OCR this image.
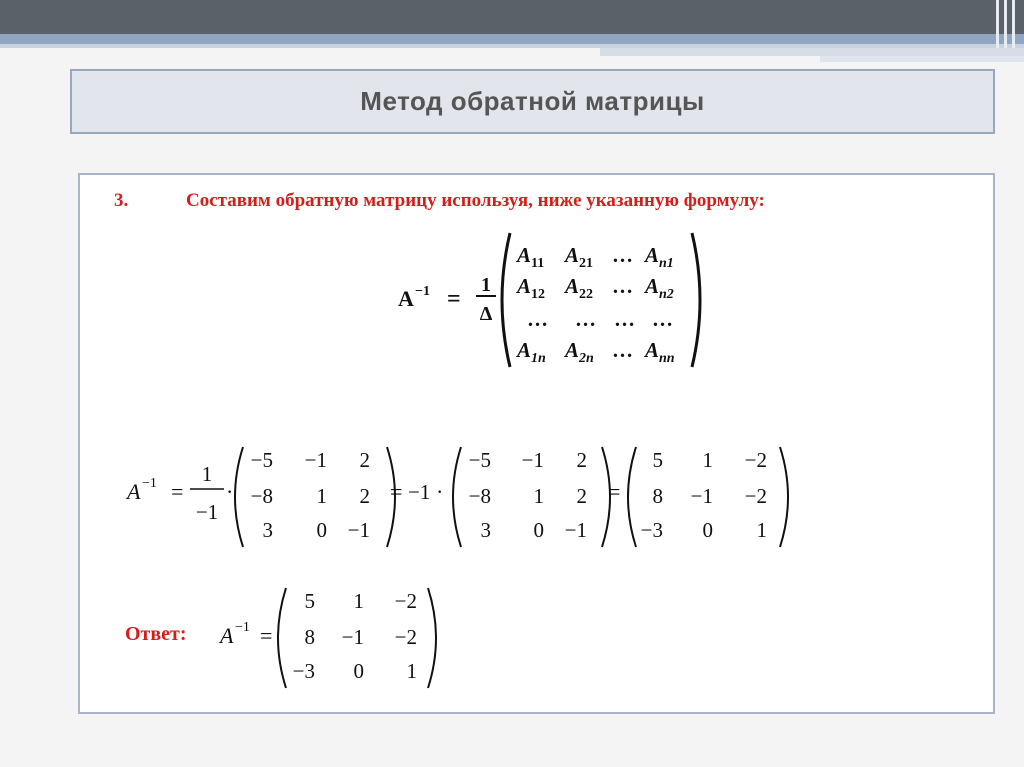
Метод обратной матрицы
3.	Составим обратную матрицу используя, ниже указанную формулу:
A −1 =
1
Δ
$A_{11}$ $A_{21}$ … $A_{n1}$
$A_{12}$ $A_{22}$ … $A_{n2}$
… … … …
$A_{1n}$ $A_{2n}$ … $A_{nn}$
A −1 =
1
−1
·
−5 −1 2
−8 1 2
3 0 −1
= −1 ·
−5 −1 2
−8 1 2
3 0 −1
=
5 1 −2
8 −1 −2
−3 0 1
Ответ: A −1 =
5 1 −2
8 −1 −2
−3 0 1
